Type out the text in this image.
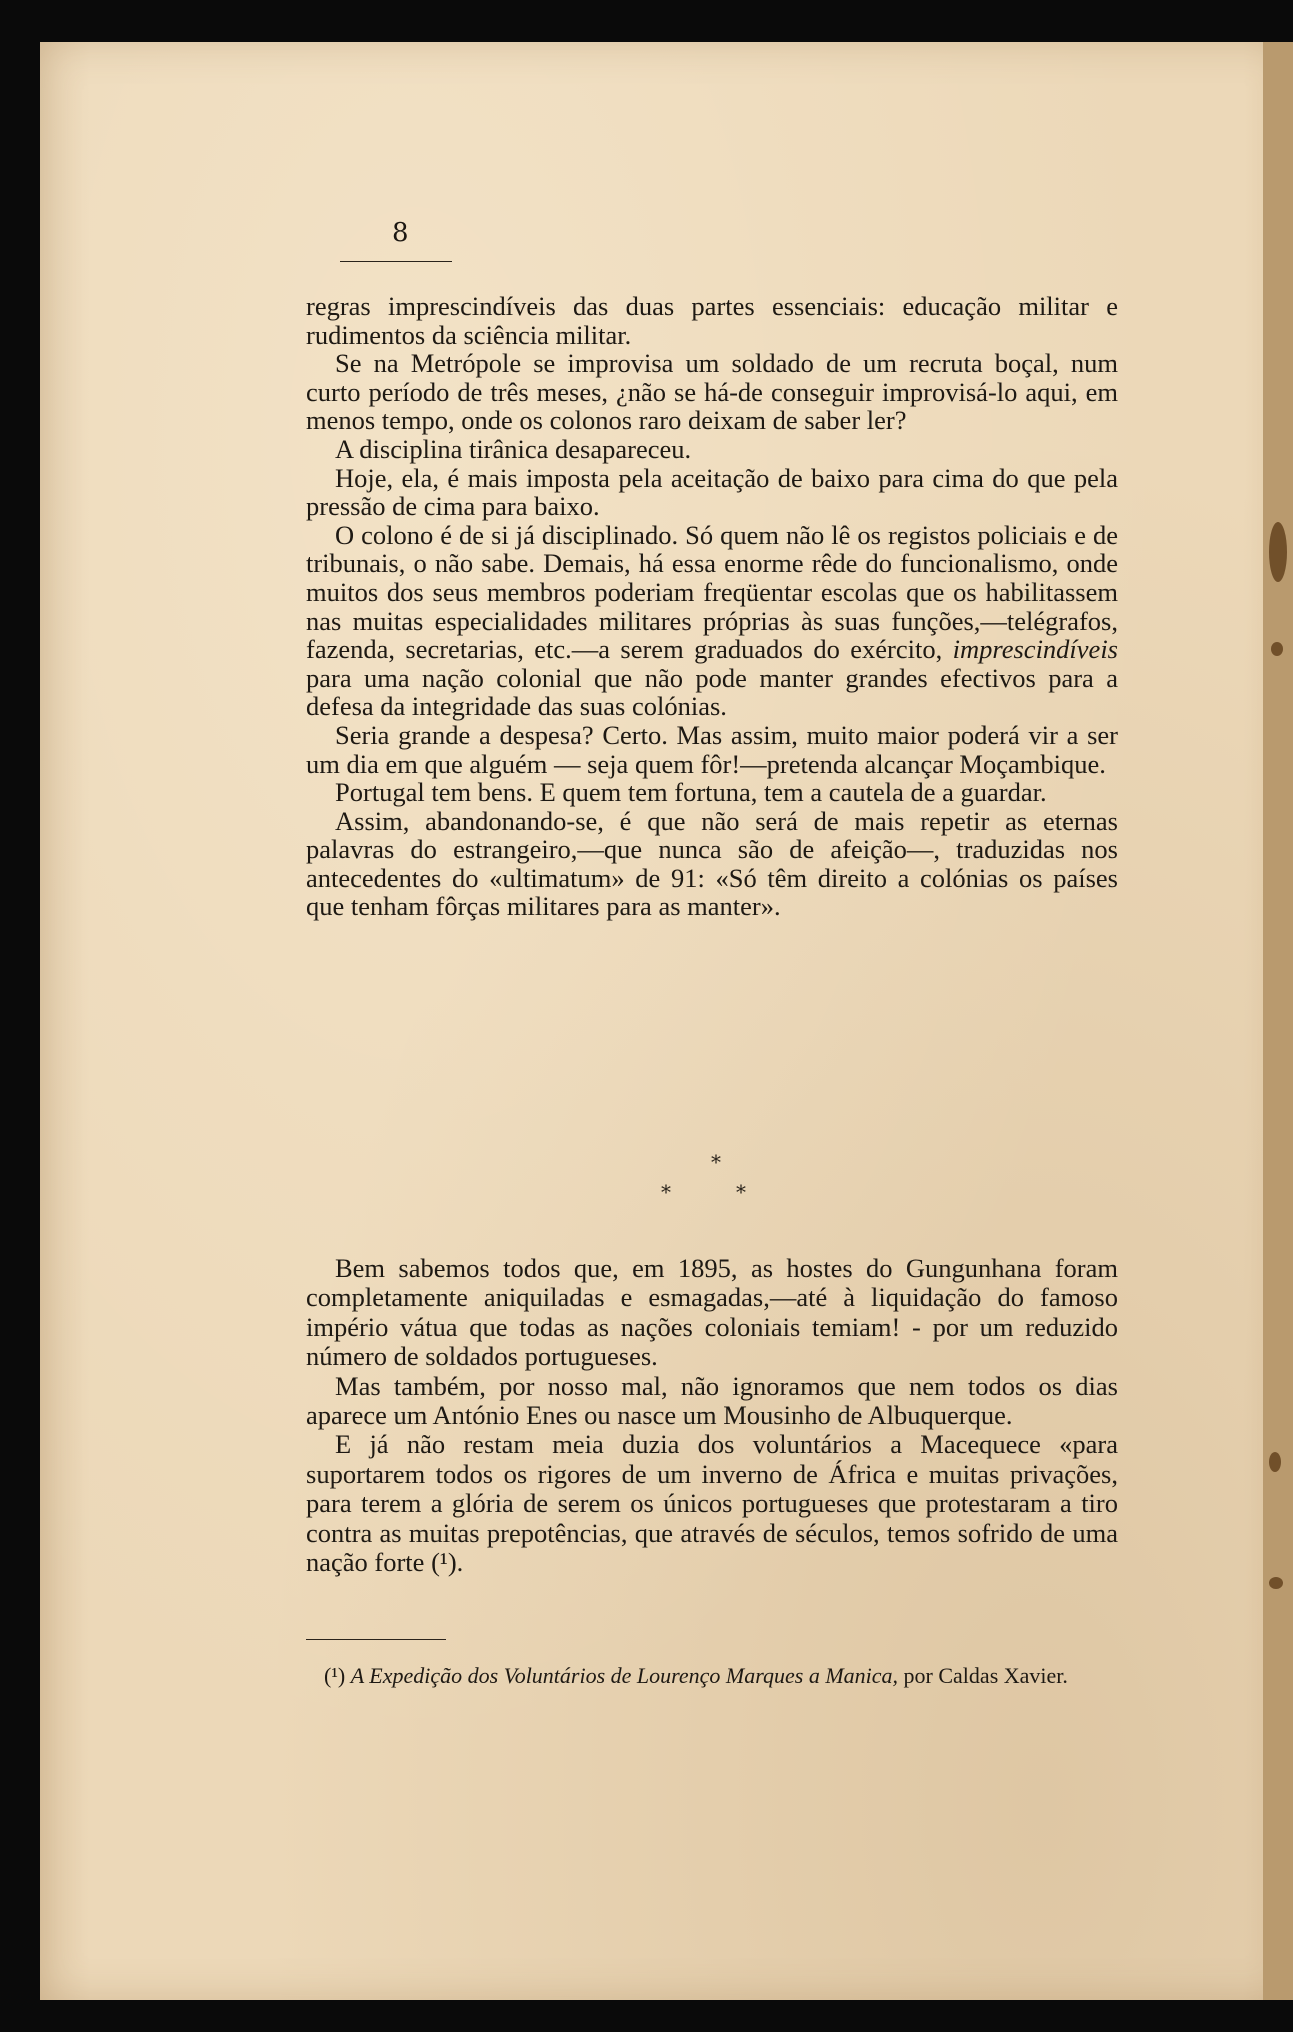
8

regras imprescindíveis das duas partes essenciais: educação militar e rudimentos da sciência militar.

Se na Metrópole se improvisa um soldado de um recruta boçal, num curto período de três meses, ¿não se há-de conseguir improvisá-lo aqui, em menos tempo, onde os colonos raro deixam de saber ler?

A disciplina tirânica desapareceu.

Hoje, ela, é mais imposta pela aceitação de baixo para cima do que pela pressão de cima para baixo.

O colono é de si já disciplinado. Só quem não lê os registos policiais e de tribunais, o não sabe. Demais, há essa enorme rêde do funcionalismo, onde muitos dos seus membros poderiam freqüentar escolas que os habilitassem nas muitas especialidades militares próprias às suas funções,—telégrafos, fazenda, secretarias, etc.—a serem graduados do exército, imprescindíveis para uma nação colonial que não pode manter grandes efectivos para a defesa da integridade das suas colónias.

Seria grande a despesa? Certo. Mas assim, muito maior poderá vir a ser um dia em que alguém — seja quem fôr!—pretenda alcançar Moçambique.

Portugal tem bens. E quem tem fortuna, tem a cautela de a guardar.

Assim, abandonando-se, é que não será de mais repetir as eternas palavras do estrangeiro,—que nunca são de afeição—, traduzidas nos antecedentes do «ultimatum» de 91: «Só têm direito a colónias os países que tenham fôrças militares para as manter».

*
*	*

Bem sabemos todos que, em 1895, as hostes do Gungunhana foram completamente aniquiladas e esmagadas,—até à liquidação do famoso império vátua que todas as nações coloniais temiam! - por um reduzido número de soldados portugueses.

Mas também, por nosso mal, não ignoramos que nem todos os dias aparece um António Enes ou nasce um Mousinho de Albuquerque.

E já não restam meia duzia dos voluntários a Macequece «para suportarem todos os rigores de um inverno de África e muitas privações, para terem a glória de serem os únicos portugueses que protestaram a tiro contra as muitas prepotências, que através de séculos, temos sofrido de uma nação forte (¹).

(¹) A Expedição dos Voluntários de Lourenço Marques a Manica, por Caldas Xavier.
